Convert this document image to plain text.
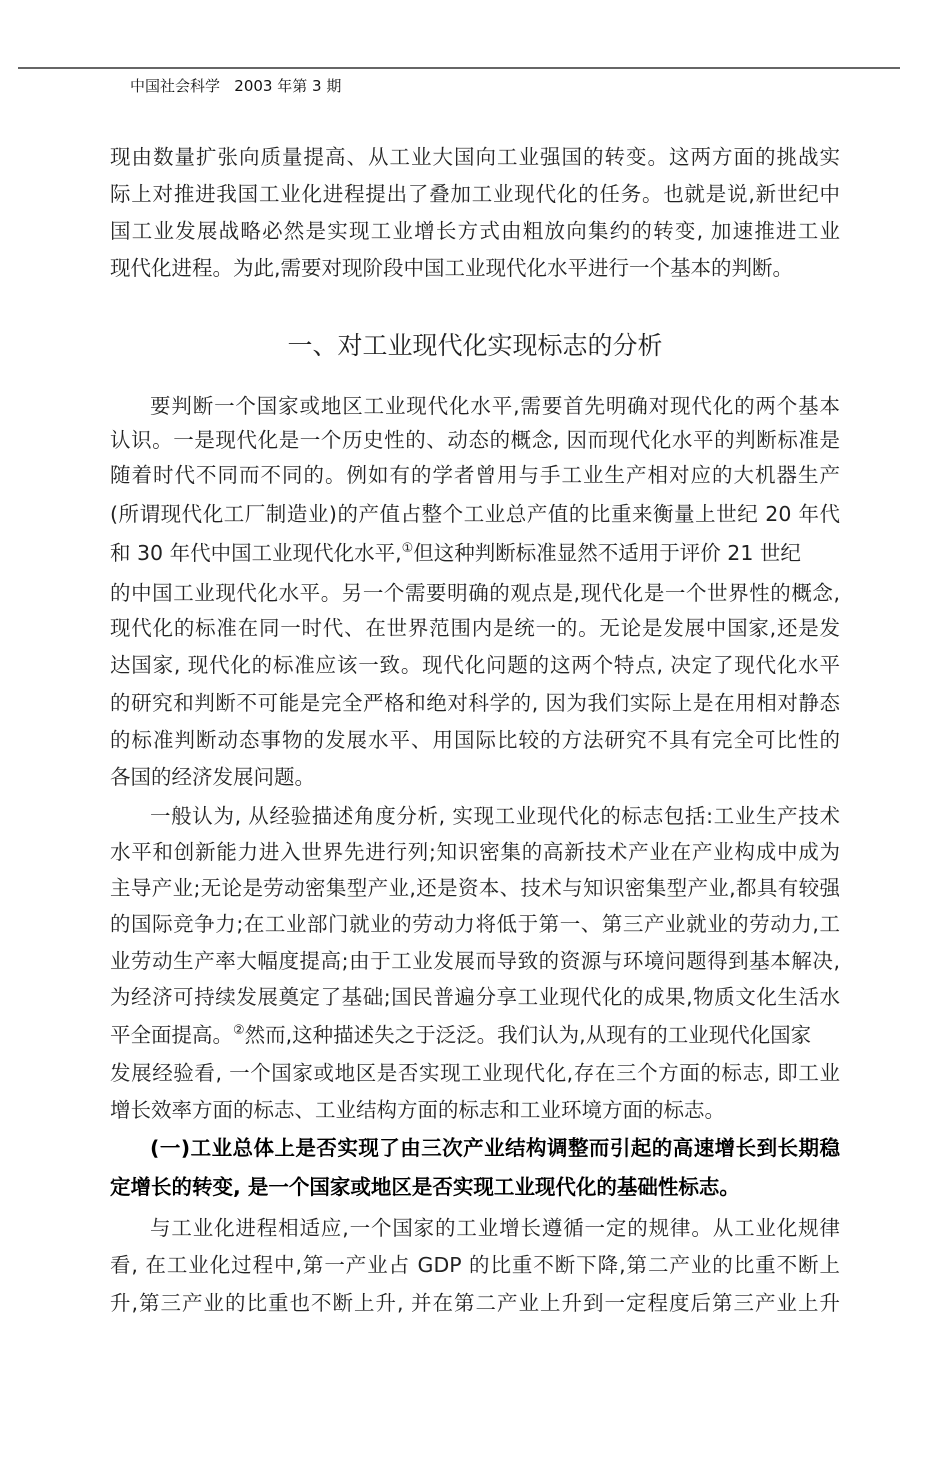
中国社会科学   2003 年第 3 期
现由数量扩张向质量提高、从工业大国向工业强国的转变。这两方面的挑战实
际上对推进我国工业化进程提出了叠加工业现代化的任务。也就是说,新世纪中
国工业发展战略必然是实现工业增长方式由粗放向集约的转变, 加速推进工业
现代化进程。为此,需要对现阶段中国工业现代化水平进行一个基本的判断。
一、对工业现代化实现标志的分析
要判断一个国家或地区工业现代化水平,需要首先明确对现代化的两个基本
认识。一是现代化是一个历史性的、动态的概念, 因而现代化水平的判断标准是
随着时代不同而不同的。例如有的学者曾用与手工业生产相对应的大机器生产
(所谓现代化工厂制造业)的产值占整个工业总产值的比重来衡量上世纪 20 年代
和 30 年代中国工业现代化水平,①但这种判断标准显然不适用于评价 21 世纪
的中国工业现代化水平。另一个需要明确的观点是,现代化是一个世界性的概念,
现代化的标准在同一时代、在世界范围内是统一的。无论是发展中国家,还是发
达国家, 现代化的标准应该一致。现代化问题的这两个特点, 决定了现代化水平
的研究和判断不可能是完全严格和绝对科学的, 因为我们实际上是在用相对静态
的标准判断动态事物的发展水平、用国际比较的方法研究不具有完全可比性的
各国的经济发展问题。
一般认为, 从经验描述角度分析, 实现工业现代化的标志包括:工业生产技术
水平和创新能力进入世界先进行列;知识密集的高新技术产业在产业构成中成为
主导产业;无论是劳动密集型产业,还是资本、技术与知识密集型产业,都具有较强
的国际竞争力;在工业部门就业的劳动力将低于第一、第三产业就业的劳动力,工
业劳动生产率大幅度提高;由于工业发展而导致的资源与环境问题得到基本解决,
为经济可持续发展奠定了基础;国民普遍分享工业现代化的成果,物质文化生活水
平全面提高。②然而,这种描述失之于泛泛。我们认为,从现有的工业现代化国家
发展经验看, 一个国家或地区是否实现工业现代化,存在三个方面的标志, 即工业
增长效率方面的标志、工业结构方面的标志和工业环境方面的标志。
(一)工业总体上是否实现了由三次产业结构调整而引起的高速增长到长期稳
定增长的转变, 是一个国家或地区是否实现工业现代化的基础性标志。
与工业化进程相适应,一个国家的工业增长遵循一定的规律。从工业化规律
看, 在工业化过程中,第一产业占 GDP 的比重不断下降,第二产业的比重不断上
升,第三产业的比重也不断上升, 并在第二产业上升到一定程度后第三产业上升
